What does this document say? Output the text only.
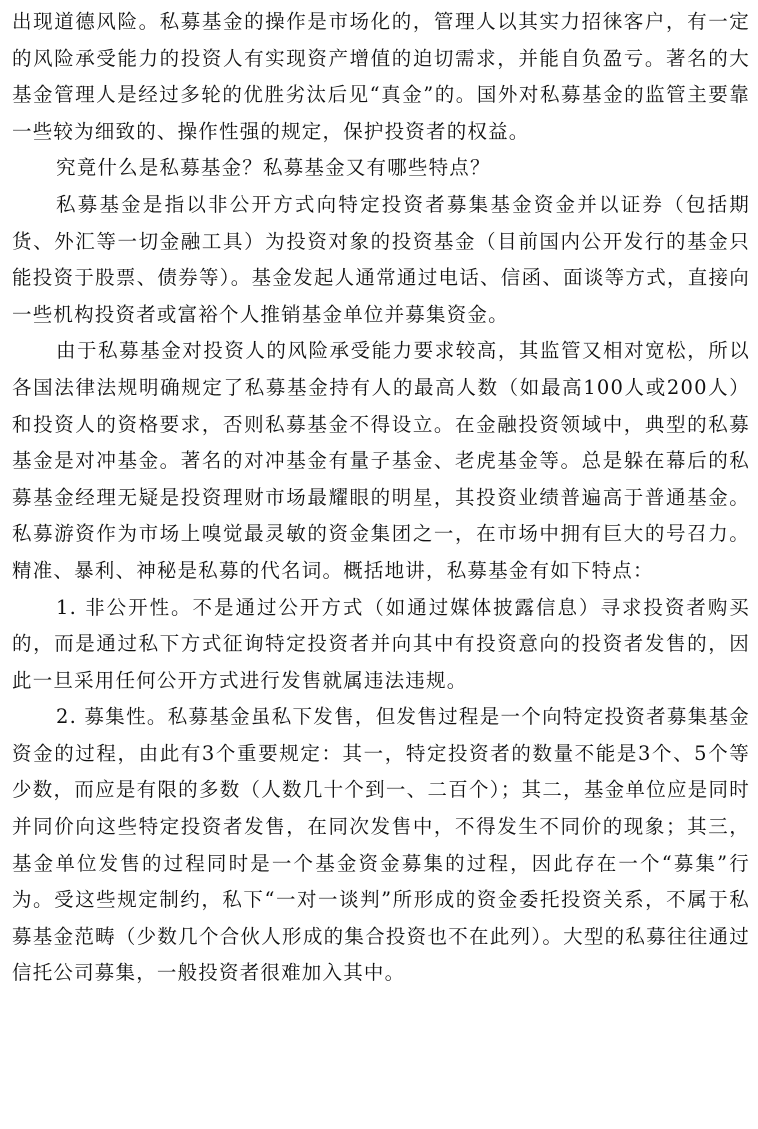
出现道德风险。私募基金的操作是市场化的，管理人以其实力招徕客户，有一定的风险承受能力的投资人有实现资产增值的迫切需求，并能自负盈亏。著名的大基金管理人是经过多轮的优胜劣汰后见“真金”的。国外对私募基金的监管主要靠一些较为细致的、操作性强的规定，保护投资者的权益。

究竟什么是私募基金？私募基金又有哪些特点？

私募基金是指以非公开方式向特定投资者募集基金资金并以证券（包括期货、外汇等一切金融工具）为投资对象的投资基金（目前国内公开发行的基金只能投资于股票、债券等）。基金发起人通常通过电话、信函、面谈等方式，直接向一些机构投资者或富裕个人推销基金单位并募集资金。

由于私募基金对投资人的风险承受能力要求较高，其监管又相对宽松，所以各国法律法规明确规定了私募基金持有人的最高人数（如最高100人或200人）和投资人的资格要求，否则私募基金不得设立。在金融投资领域中，典型的私募基金是对冲基金。著名的对冲基金有量子基金、老虎基金等。总是躲在幕后的私募基金经理无疑是投资理财市场最耀眼的明星，其投资业绩普遍高于普通基金。私募游资作为市场上嗅觉最灵敏的资金集团之一，在市场中拥有巨大的号召力。精准、暴利、神秘是私募的代名词。概括地讲，私募基金有如下特点：

1. 非公开性。不是通过公开方式（如通过媒体披露信息）寻求投资者购买的，而是通过私下方式征询特定投资者并向其中有投资意向的投资者发售的，因此一旦采用任何公开方式进行发售就属违法违规。

2. 募集性。私募基金虽私下发售，但发售过程是一个向特定投资者募集基金资金的过程，由此有3个重要规定：其一，特定投资者的数量不能是3个、5个等少数，而应是有限的多数（人数几十个到一、二百个）；其二，基金单位应是同时并同价向这些特定投资者发售，在同次发售中，不得发生不同价的现象；其三，基金单位发售的过程同时是一个基金资金募集的过程，因此存在一个“募集”行为。受这些规定制约，私下“一对一谈判”所形成的资金委托投资关系，不属于私募基金范畴（少数几个合伙人形成的集合投资也不在此列）。大型的私募往往通过信托公司募集，一般投资者很难加入其中。
